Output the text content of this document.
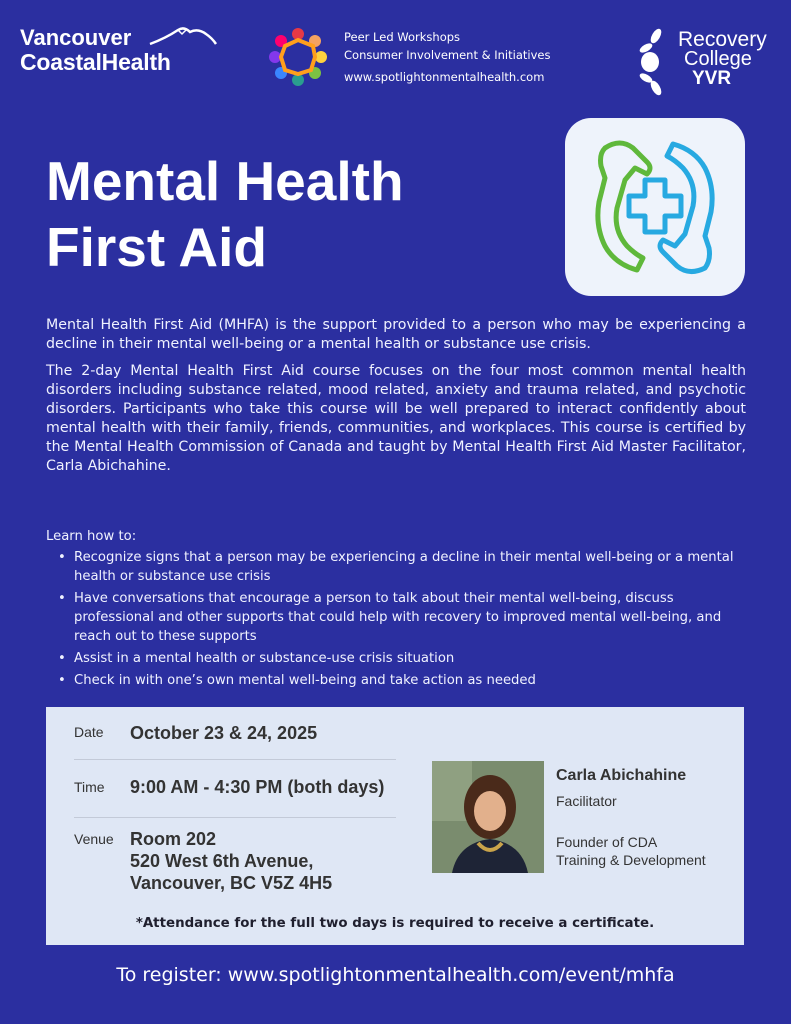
Vancouver
CoastalHealth
Peer Led Workshops
Consumer Involvement & Initiatives
www.spotlightonmentalhealth.com
Recovery
College
YVR
Mental Health
First Aid

Mental Health First Aid (MHFA) is the support provided to a person who may be experiencing a decline in their mental well-being or a mental health or substance use crisis.

The 2-day Mental Health First Aid course focuses on the four most common mental health disorders including substance related, mood related, anxiety and trauma related, and psychotic disorders. Participants who take this course will be well prepared to interact confidently about mental health with their family, friends, communities, and workplaces. This course is certified by the Mental Health Commission of Canada and taught by Mental Health First Aid Master Facilitator, Carla Abichahine.

Learn how to:
• Recognize signs that a person may be experiencing a decline in their mental well-being or a mental health or substance use crisis
• Have conversations that encourage a person to talk about their mental well-being, discuss professional and other supports that could help with recovery to improved mental well-being, and reach out to these supports
• Assist in a mental health or substance-use crisis situation
• Check in with one’s own mental well-being and take action as needed
Date October 23 & 24, 2025
Time 9:00 AM - 4:30 PM (both days)
Venue Room 202
520 West 6th Avenue,
Vancouver, BC V5Z 4H5
Carla Abichahine
Facilitator
Founder of CDA
Training & Development
*Attendance for the full two days is required to receive a certificate.
To register: www.spotlightonmentalhealth.com/event/mhfa
